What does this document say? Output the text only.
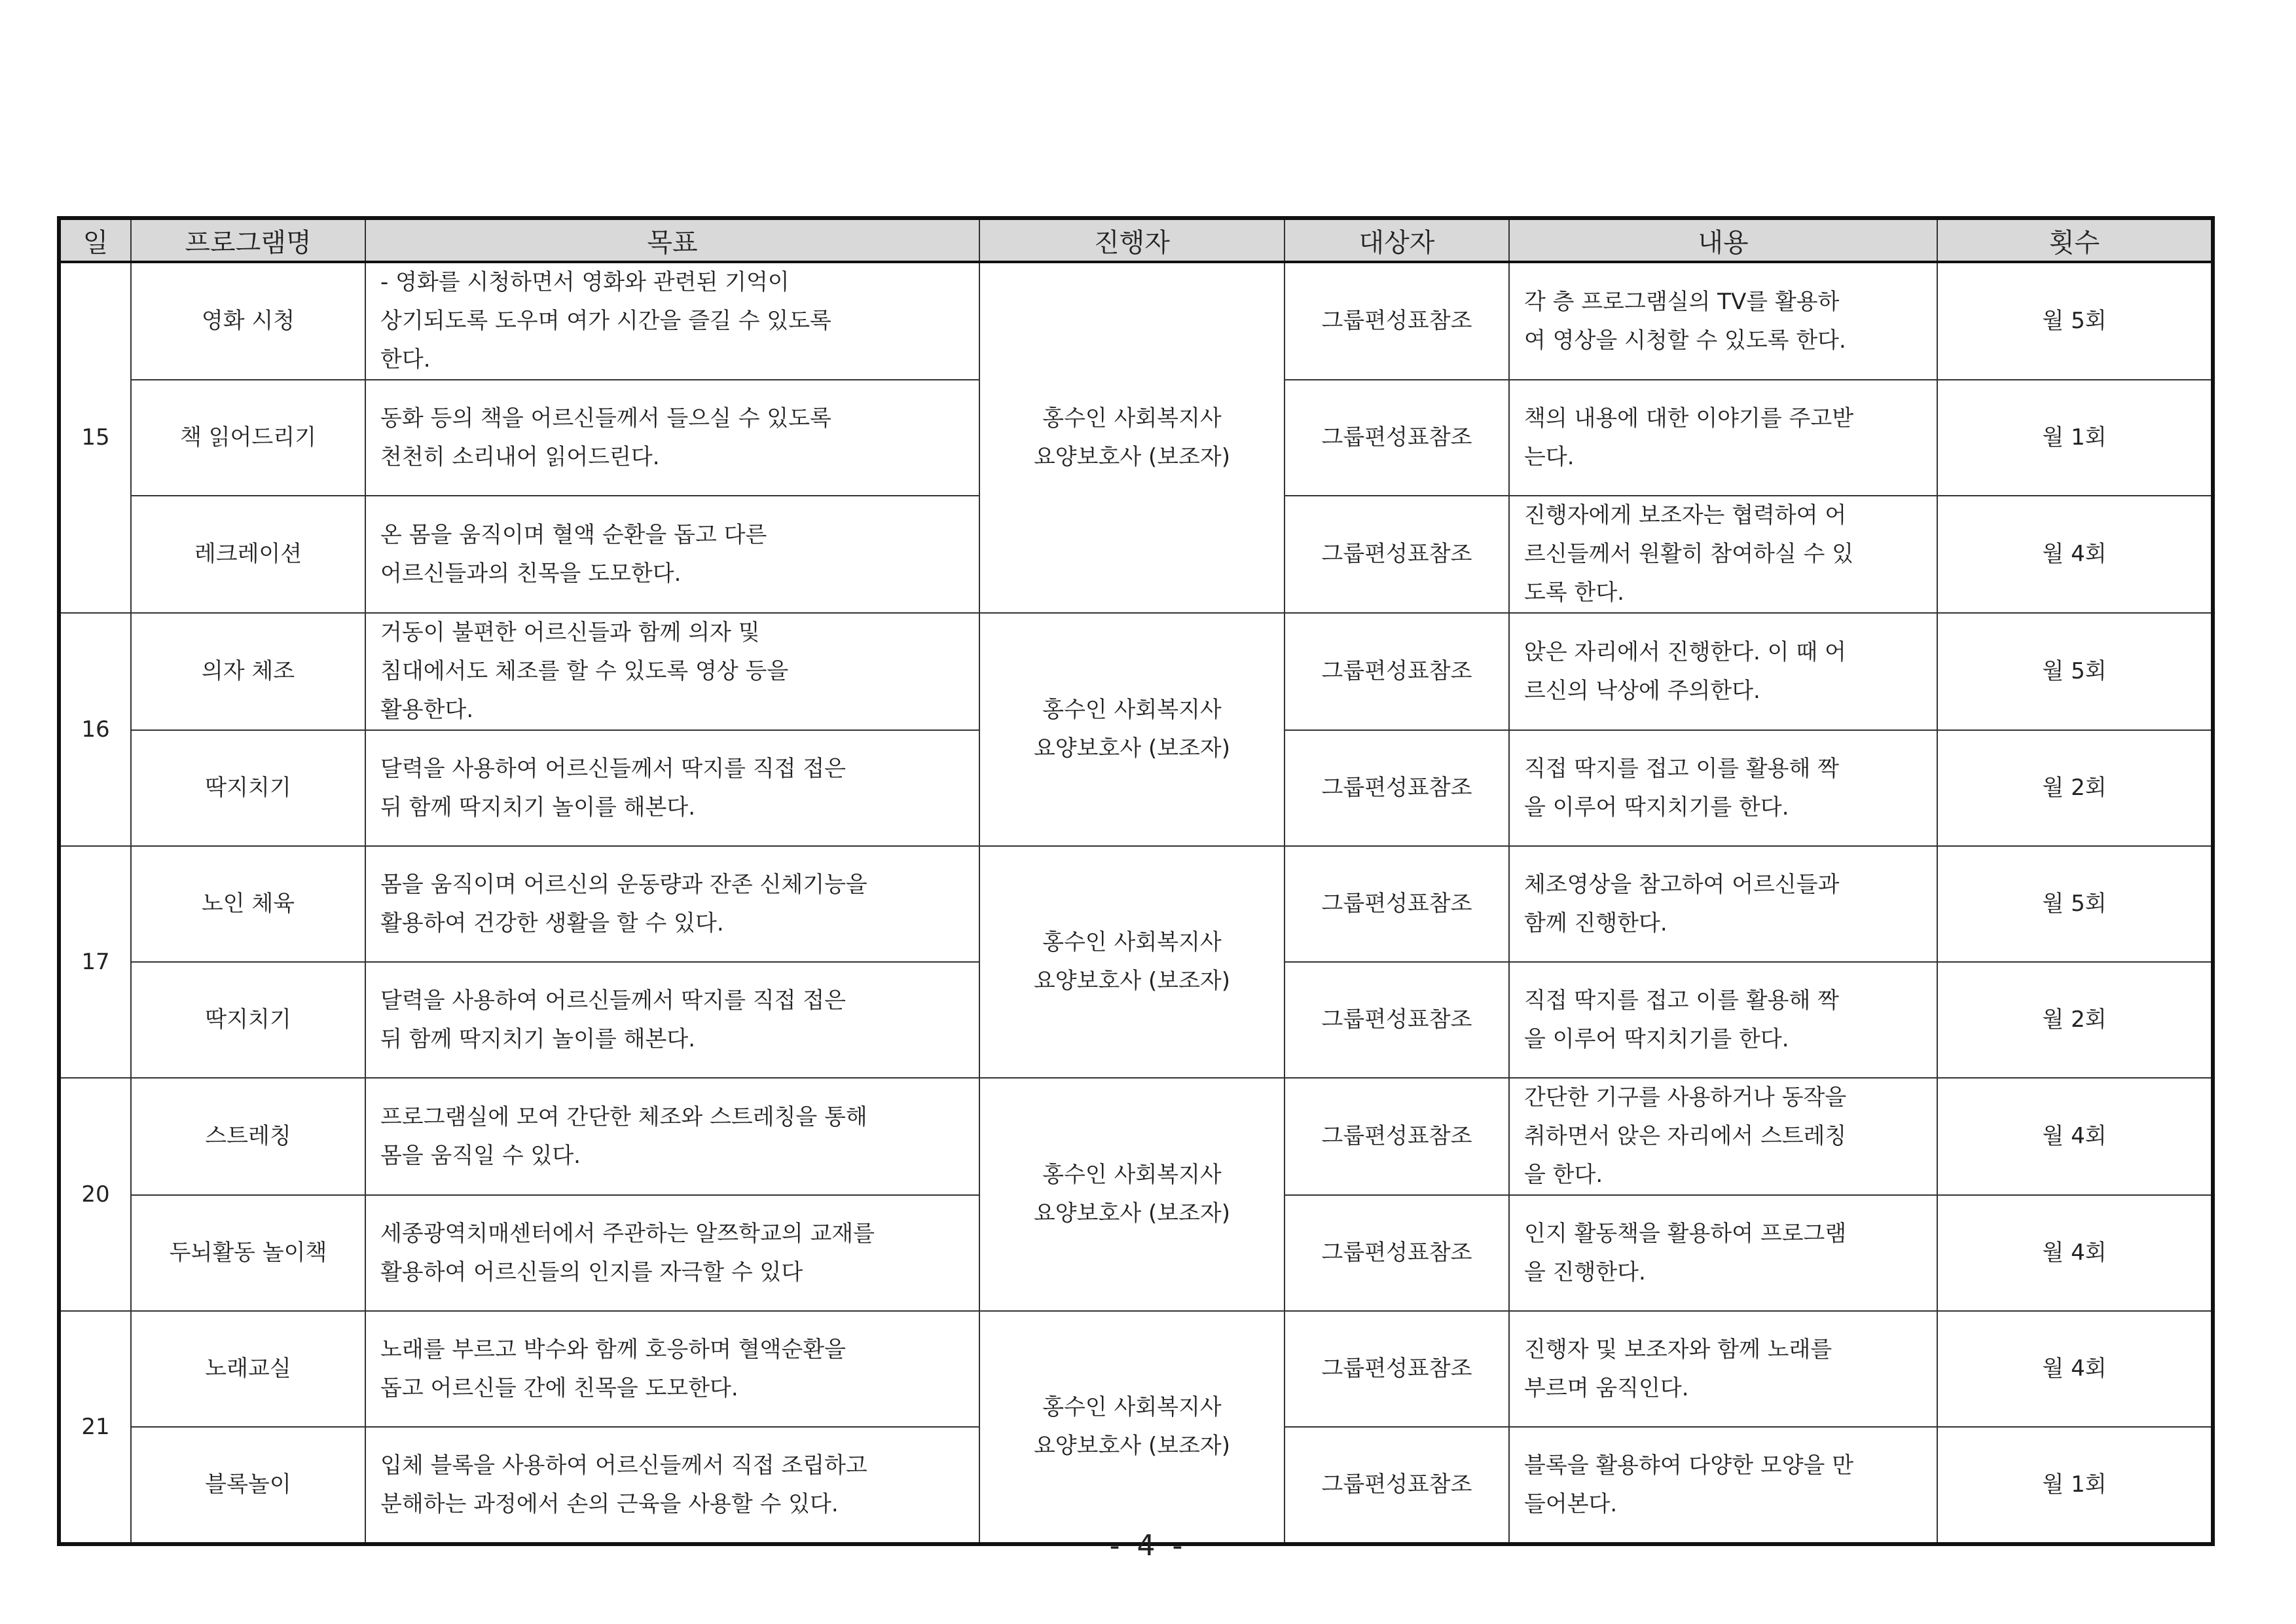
일	프로그램명	목표	진행자	대상자	내용	횟수
15	영화 시청	- 영화를 시청하면서 영화와 관련된 기억이
상기되도록 도우며 여가 시간을 즐길 수 있도록
한다.	홍수인 사회복지사
요양보호사 (보조자)	그룹편성표참조	각 층 프로그램실의 TV를 활용하
여 영상을 시청할 수 있도록 한다.	월 5회
	책 읽어드리기	동화 등의 책을 어르신들께서 들으실 수 있도록
천천히 소리내어 읽어드린다.		그룹편성표참조	책의 내용에 대한 이야기를 주고받
는다.	월 1회
	레크레이션	온 몸을 움직이며 혈액 순환을 돕고 다른
어르신들과의 친목을 도모한다.		그룹편성표참조	진행자에게 보조자는 협력하여 어
르신들께서 원활히 참여하실 수 있
도록 한다.	월 4회
16	의자 체조	거동이 불편한 어르신들과 함께 의자 및
침대에서도 체조를 할 수 있도록 영상 등을
활용한다.	홍수인 사회복지사
요양보호사 (보조자)	그룹편성표참조	앉은 자리에서 진행한다. 이 때 어
르신의 낙상에 주의한다.	월 5회
	딱지치기	달력을 사용하여 어르신들께서 딱지를 직접 접은
뒤 함께 딱지치기 놀이를 해본다.		그룹편성표참조	직접 딱지를 접고 이를 활용해 짝
을 이루어 딱지치기를 한다.	월 2회
17	노인 체육	몸을 움직이며 어르신의 운동량과 잔존 신체기능을
활용하여 건강한 생활을 할 수 있다.	홍수인 사회복지사
요양보호사 (보조자)	그룹편성표참조	체조영상을 참고하여 어르신들과
함께 진행한다.	월 5회
	딱지치기	달력을 사용하여 어르신들께서 딱지를 직접 접은
뒤 함께 딱지치기 놀이를 해본다.		그룹편성표참조	직접 딱지를 접고 이를 활용해 짝
을 이루어 딱지치기를 한다.	월 2회
20	스트레칭	프로그램실에 모여 간단한 체조와 스트레칭을 통해
몸을 움직일 수 있다.	홍수인 사회복지사
요양보호사 (보조자)	그룹편성표참조	간단한 기구를 사용하거나 동작을
취하면서 앉은 자리에서 스트레칭
을 한다.	월 4회
	두뇌활동 놀이책	세종광역치매센터에서 주관하는 알쯔학교의 교재를
활용하여 어르신들의 인지를 자극할 수 있다		그룹편성표참조	인지 활동책을 활용하여 프로그램
을 진행한다.	월 4회
21	노래교실	노래를 부르고 박수와 함께 호응하며 혈액순환을
돕고 어르신들 간에 친목을 도모한다.	홍수인 사회복지사
요양보호사 (보조자)	그룹편성표참조	진행자 및 보조자와 함께 노래를
부르며 움직인다.	월 4회
	블록놀이	입체 블록을 사용하여 어르신들께서 직접 조립하고
분해하는 과정에서 손의 근육을 사용할 수 있다.		그룹편성표참조	블록을 활용햐여 다양한 모양을 만
들어본다.	월 1회
- 4 -
